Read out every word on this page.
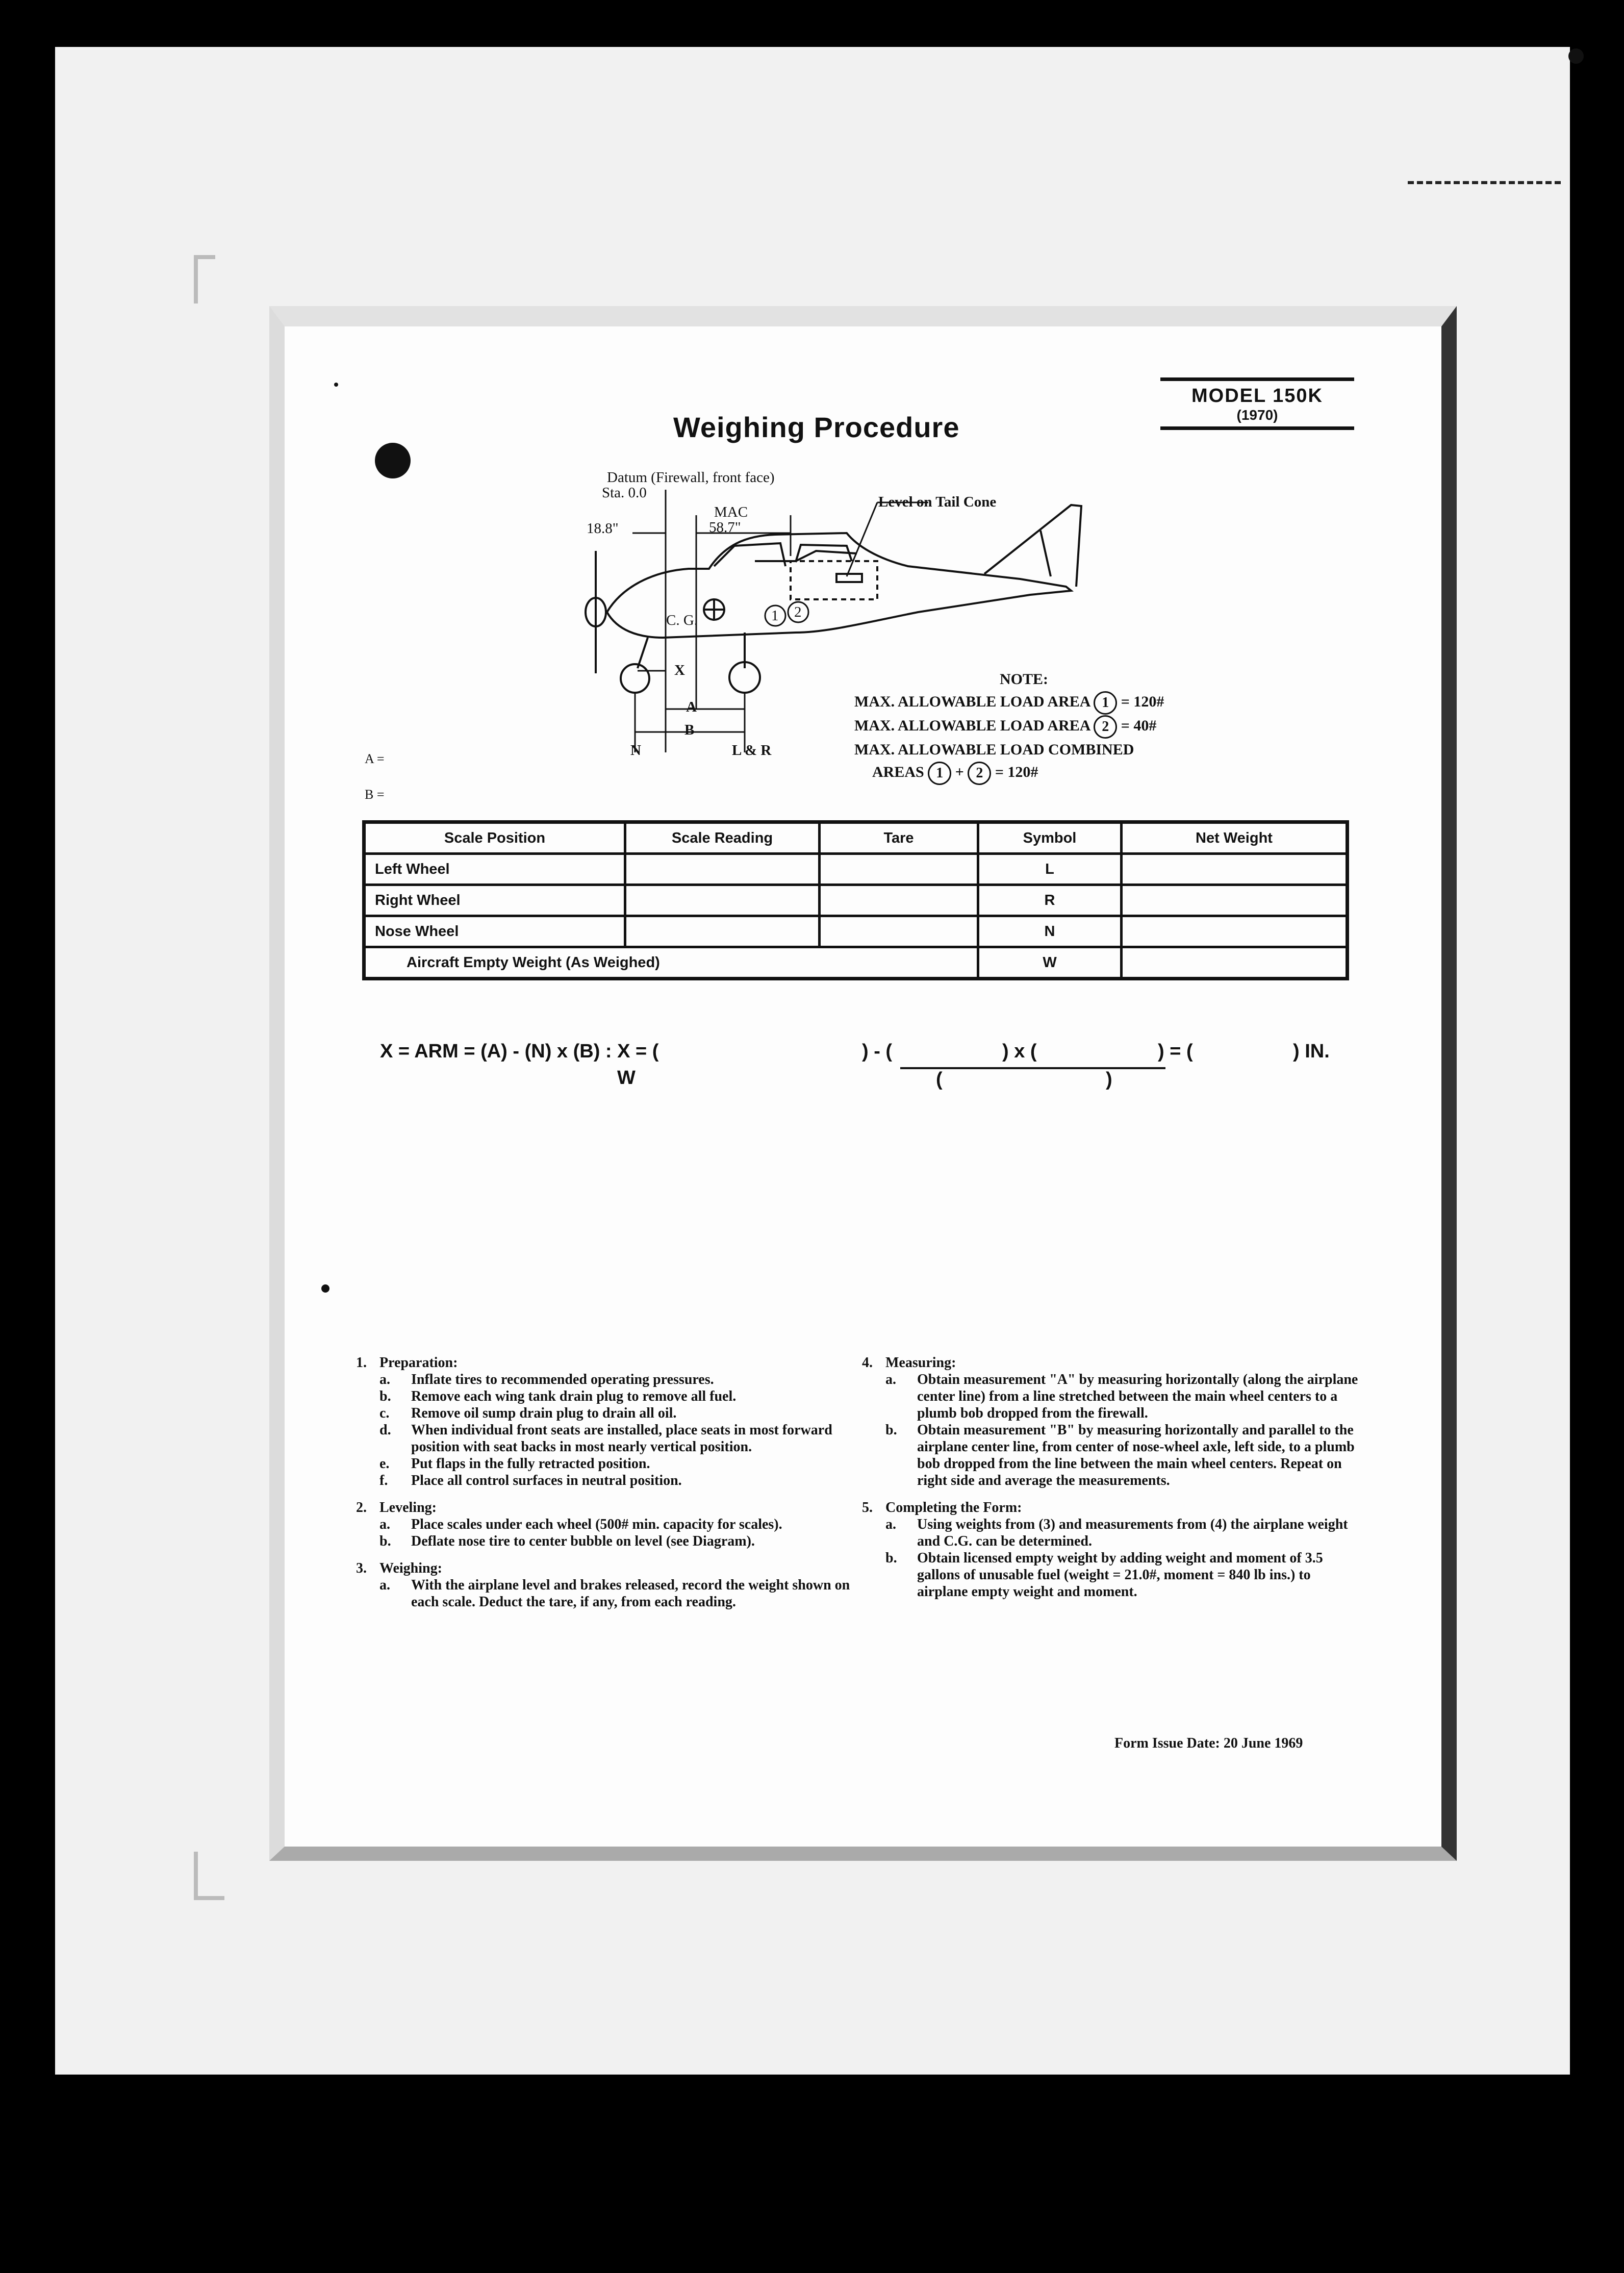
Weighing Procedure
MODEL 150K
(1970)
Datum (Firewall, front face)
Sta. 0.0
MAC
58.7"
18.8"
Level on Tail Cone
C. G.	1 2
X
A
B
N	L & R
NOTE:
MAX. ALLOWABLE LOAD AREA 1 = 120#
MAX. ALLOWABLE LOAD AREA 2 = 40#
MAX. ALLOWABLE LOAD COMBINED
AREAS 1 + 2 = 120#
A =
B =
Scale Position	Scale Reading	Tare	Symbol	Net Weight
Left Wheel			L	
Right Wheel			R	
Nose Wheel			N	
Aircraft Empty Weight (As Weighed)			W	
X = ARM = (A) - (N) x (B) : X = (
W
) - (	) x (	) = (	) IN.
(	)
1. Preparation:
a.	Inflate tires to recommended operating pressures.
b.	Remove each wing tank drain plug to remove all fuel.
c.	Remove oil sump drain plug to drain all oil.
d.	When individual front seats are installed, place seats in most forward position with seat backs in most nearly vertical position.
e.	Put flaps in the fully retracted position.
f.	Place all control surfaces in neutral position.
2. Leveling:
a.	Place scales under each wheel (500# min. capacity for scales).
b.	Deflate nose tire to center bubble on level (see Diagram).
3. Weighing:
a.	With the airplane level and brakes released, record the weight shown on each scale. Deduct the tare, if any, from each reading.
4. Measuring:
a.	Obtain measurement "A" by measuring horizontally (along the airplane center line) from a line stretched between the main wheel centers to a plumb bob dropped from the firewall.
b.	Obtain measurement "B" by measuring horizontally and parallel to the airplane center line, from center of nose-wheel axle, left side, to a plumb bob dropped from the line between the main wheel centers. Repeat on right side and average the measurements.
5. Completing the Form:
a.	Using weights from (3) and measurements from (4) the airplane weight and C.G. can be determined.
b.	Obtain licensed empty weight by adding weight and moment of 3.5 gallons of unusable fuel (weight = 21.0#, moment = 840 lb ins.) to airplane empty weight and moment.
Form Issue Date: 20 June 1969
